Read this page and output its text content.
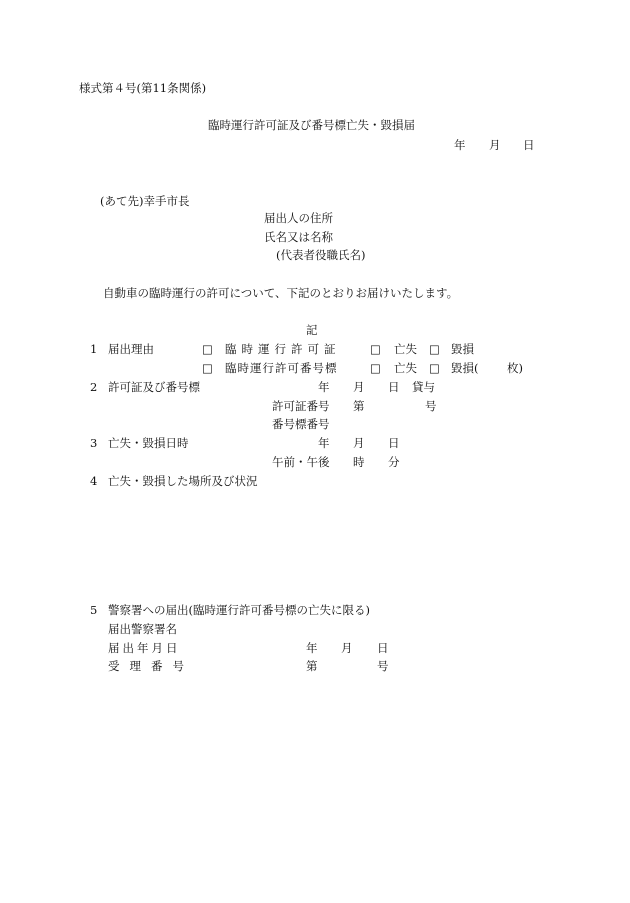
様式第４号(第11条関係)
臨時運行許可証及び番号標亡失・毀損届
年 月 日
(あて先)幸手市長
届出人の住所
氏名又は名称
(代表者役職氏名)
自動車の臨時運行の許可について、下記のとおりお届けいたします。
記
1 届出理由	□ 臨時運行許可証	□ 亡失 □ 毀損
□ 臨時運行許可番号標	□ 亡失 □ 毀損( 枚)
2 許可証及び番号標	年 月 日 貸与
許可証番号 第	号
番号標番号
3 亡失・毀損日時	年 月 日
午前・午後 時 分
4 亡失・毀損した場所及び状況
5 警察署への届出(臨時運行許可番号標の亡失に限る)
届出警察署名
届出年月日	年 月 日
受理番号	第	号
